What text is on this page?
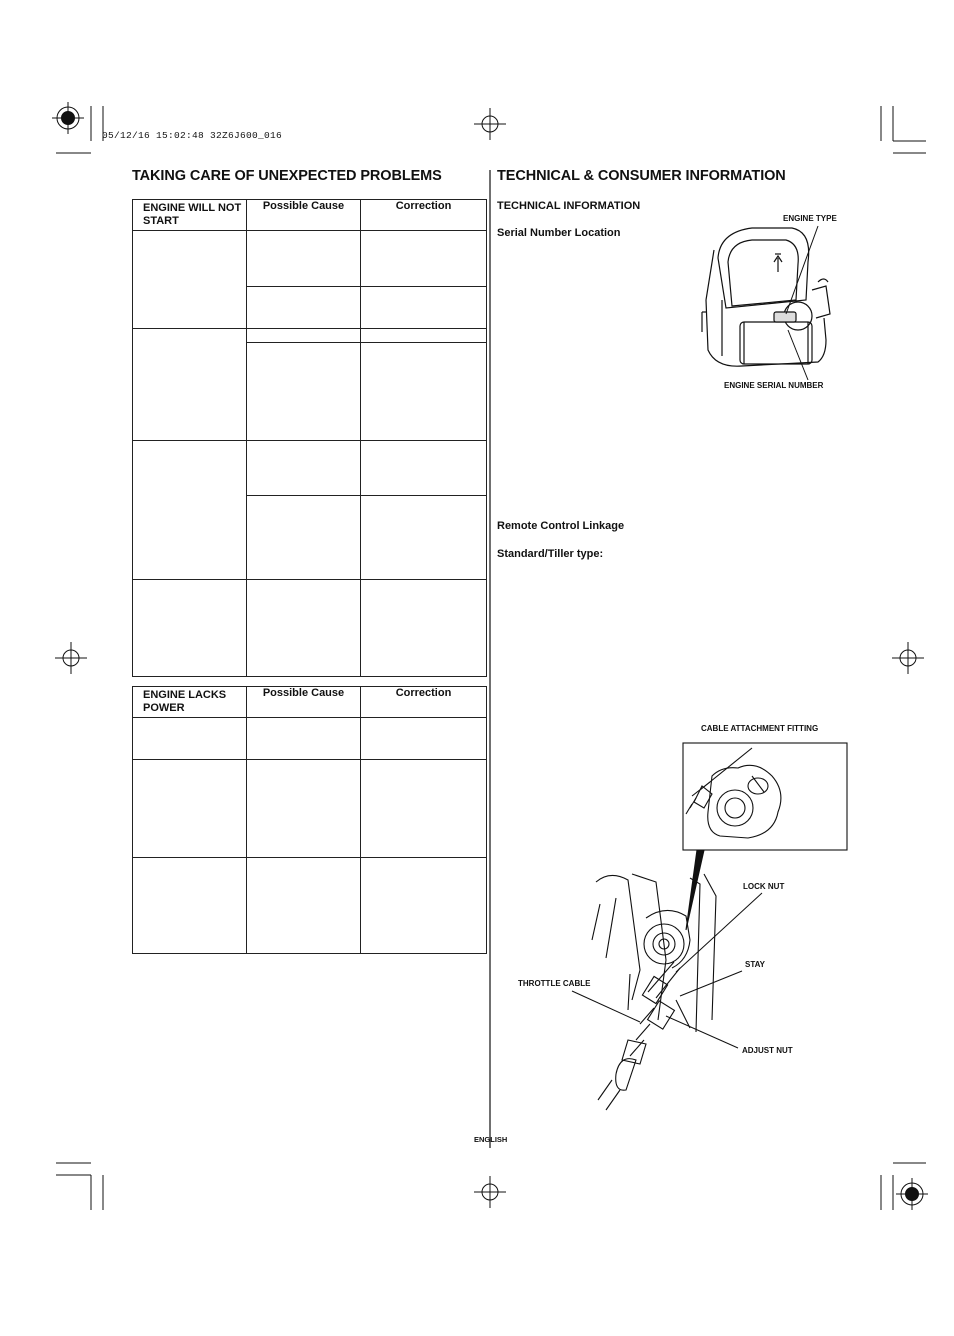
05/12/16 15:02:48 32Z6J600_016
TAKING CARE OF UNEXPECTED PROBLEMS
ENGINE WILL NOT START	Possible Cause	Correction

ENGINE LACKS POWER	Possible Cause	Correction

TECHNICAL & CONSUMER INFORMATION
TECHNICAL INFORMATION
Serial Number Location
Remote Control Linkage
Standard/Tiller type:
ENGINE TYPE
ENGINE SERIAL NUMBER
CABLE ATTACHMENT FITTING
LOCK NUT
STAY
THROTTLE CABLE
ADJUST NUT
ENGLISH
